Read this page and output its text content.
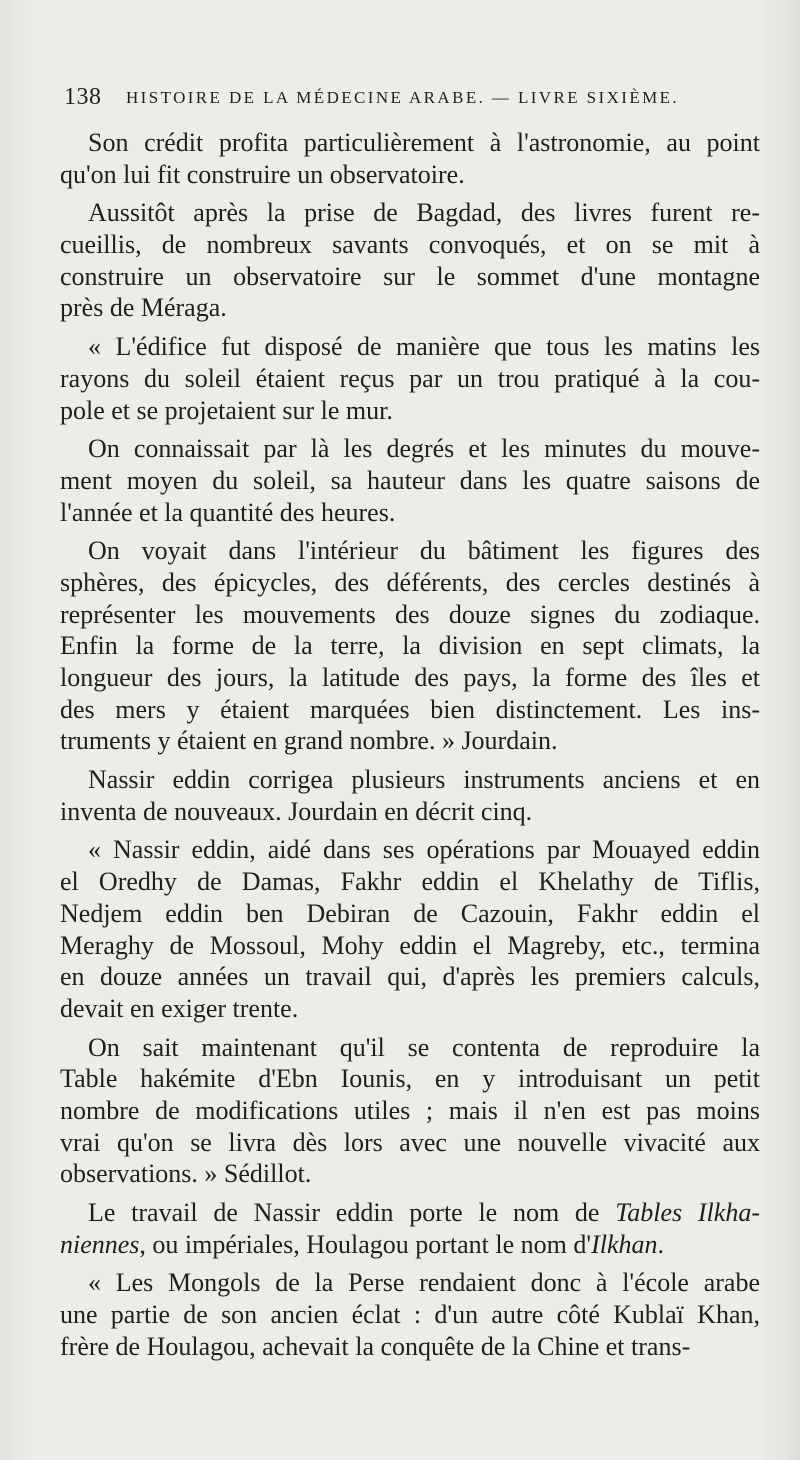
138 HISTOIRE DE LA MÉDECINE ARABE. — LIVRE SIXIÈME.
Son crédit profita particulièrement à l'astronomie, au point
qu'on lui fit construire un observatoire.
Aussitôt après la prise de Bagdad, des livres furent re-
cueillis, de nombreux savants convoqués, et on se mit à
construire un observatoire sur le sommet d'une montagne
près de Méraga.
« L'édifice fut disposé de manière que tous les matins les
rayons du soleil étaient reçus par un trou pratiqué à la cou-
pole et se projetaient sur le mur.
On connaissait par là les degrés et les minutes du mouve-
ment moyen du soleil, sa hauteur dans les quatre saisons de
l'année et la quantité des heures.
On voyait dans l'intérieur du bâtiment les figures des
sphères, des épicycles, des déférents, des cercles destinés à
représenter les mouvements des douze signes du zodiaque.
Enfin la forme de la terre, la division en sept climats, la
longueur des jours, la latitude des pays, la forme des îles et
des mers y étaient marquées bien distinctement. Les ins-
truments y étaient en grand nombre. » Jourdain.
Nassir eddin corrigea plusieurs instruments anciens et en
inventa de nouveaux. Jourdain en décrit cinq.
« Nassir eddin, aidé dans ses opérations par Mouayed eddin
el Oredhy de Damas, Fakhr eddin el Khelathy de Tiflis,
Nedjem eddin ben Debiran de Cazouin, Fakhr eddin el
Meraghy de Mossoul, Mohy eddin el Magreby, etc., termina
en douze années un travail qui, d'après les premiers calculs,
devait en exiger trente.
On sait maintenant qu'il se contenta de reproduire la
Table hakémite d'Ebn Iounis, en y introduisant un petit
nombre de modifications utiles ; mais il n'en est pas moins
vrai qu'on se livra dès lors avec une nouvelle vivacité aux
observations. » Sédillot.
Le travail de Nassir eddin porte le nom de Tables Ilkha-
niennes, ou impériales, Houlagou portant le nom d'Ilkhan.
« Les Mongols de la Perse rendaient donc à l'école arabe
une partie de son ancien éclat : d'un autre côté Kublaï Khan,
frère de Houlagou, achevait la conquête de la Chine et trans-
